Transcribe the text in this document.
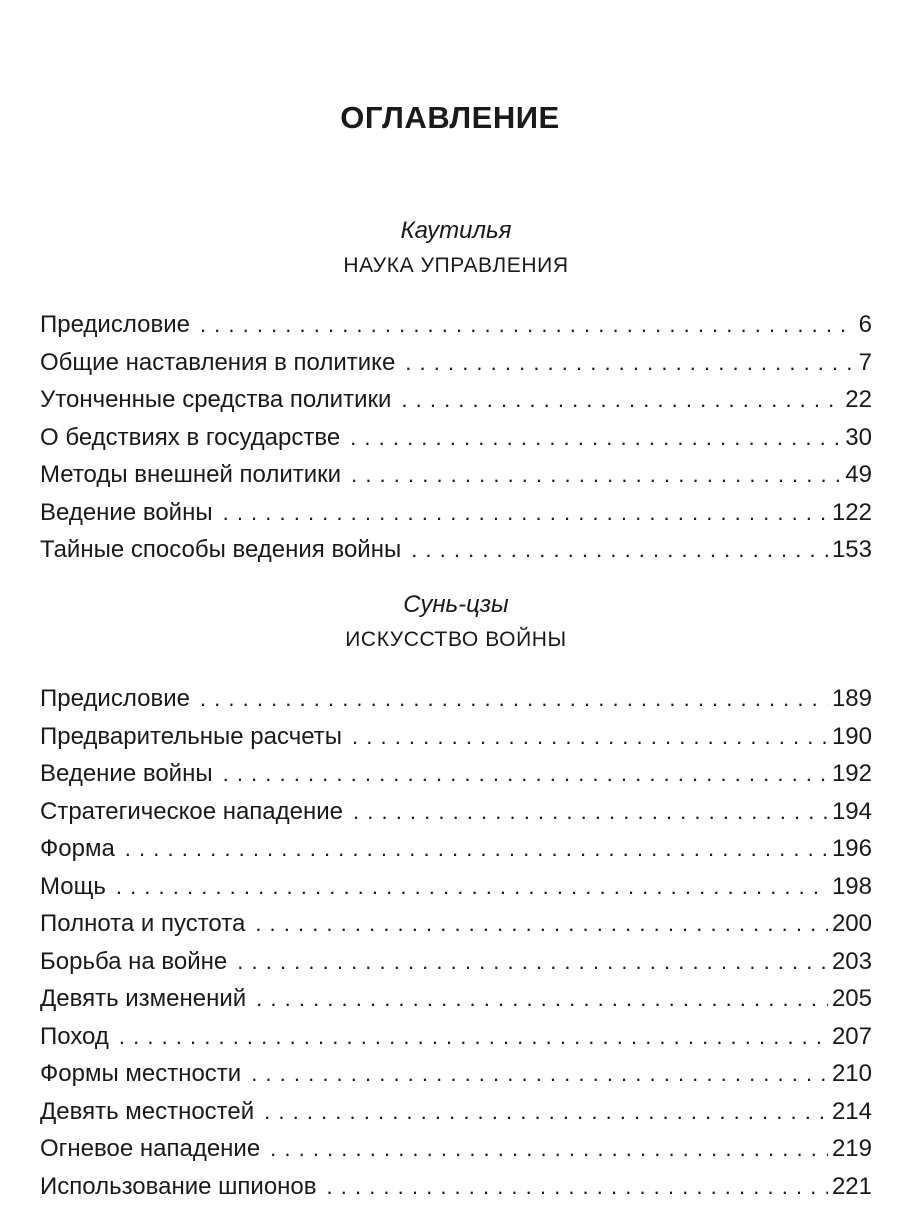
ОГЛАВЛЕНИЕ
Каутилья
НАУКА УПРАВЛЕНИЯ
Предисловие . . .	6
Общие наставления в политике . . .	7
Утонченные средства политики . . .	22
О бедствиях в государстве . . .	30
Методы внешней политики . . .	49
Ведение войны . . .	122
Тайные способы ведения войны . . .	153
Сунь-цзы
ИСКУССТВО ВОЙНЫ
Предисловие . . .	189
Предварительные расчеты . . .	190
Ведение войны . . .	192
Стратегическое нападение . . .	194
Форма . . .	196
Мощь . . .	198
Полнота и пустота . . .	200
Борьба на войне . . .	203
Девять изменений . . .	205
Поход . . .	207
Формы местности . . .	210
Девять местностей . . .	214
Огневое нападение . . .	219
Использование шпионов . . .	221
